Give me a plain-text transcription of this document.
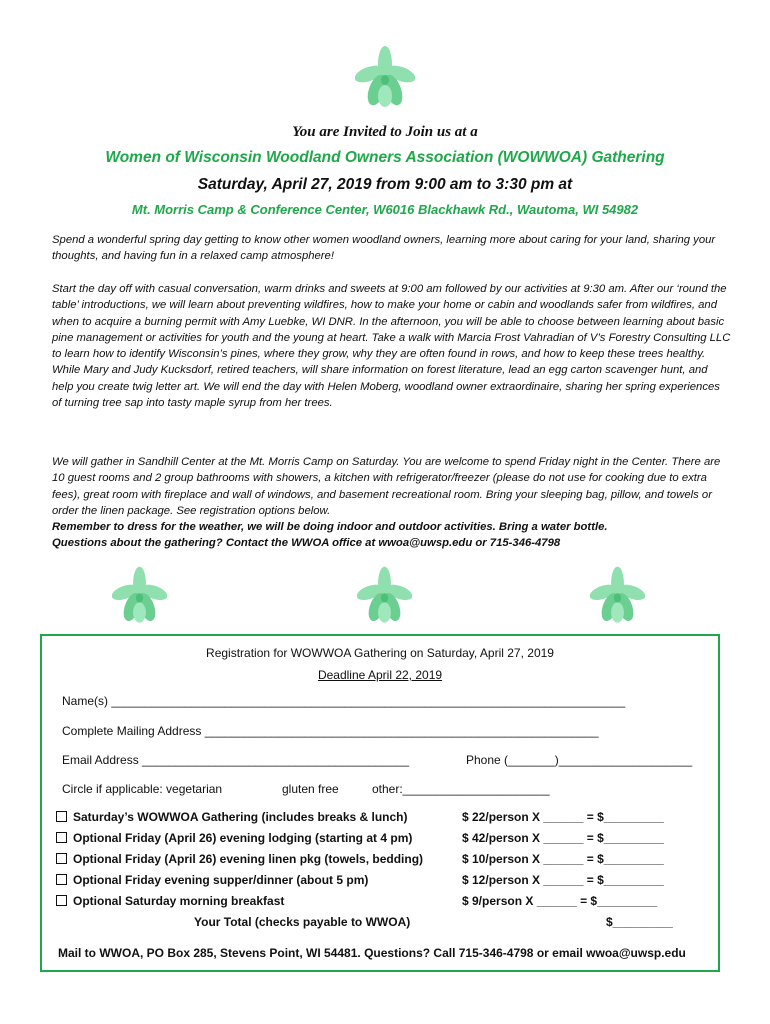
You are Invited to Join us at a
Women of Wisconsin Woodland Owners Association (WOWWOA) Gathering
Saturday, April 27, 2019 from 9:00 am to 3:30 pm at
Mt. Morris Camp & Conference Center, W6016 Blackhawk Rd., Wautoma, WI 54982
Spend a wonderful spring day getting to know other women woodland owners, learning more about caring for your land, sharing your thoughts, and having fun in a relaxed camp atmosphere!
Start the day off with casual conversation, warm drinks and sweets at 9:00 am followed by our activities at 9:30 am. After our ‘round the table’ introductions, we will learn about preventing wildfires, how to make your home or cabin and woodlands safer from wildfires, and when to acquire a burning permit with Amy Luebke, WI DNR. In the afternoon, you will be able to choose between learning about basic pine management or activities for youth and the young at heart. Take a walk with Marcia Frost Vahradian of V’s Forestry Consulting LLC to learn how to identify Wisconsin’s pines, where they grow, why they are often found in rows, and how to keep these trees healthy. While Mary and Judy Kucksdorf, retired teachers, will share information on forest literature, lead an egg carton scavenger hunt, and help you create twig letter art. We will end the day with Helen Moberg, woodland owner extraordinaire, sharing her spring experiences of turning tree sap into tasty maple syrup from her trees.
We will gather in Sandhill Center at the Mt. Morris Camp on Saturday. You are welcome to spend Friday night in the Center. There are 10 guest rooms and 2 group bathrooms with showers, a kitchen with refrigerator/freezer (please do not use for cooking due to extra fees), great room with fireplace and wall of windows, and basement recreational room. Bring your sleeping bag, pillow, and towels or order the linen package. See registration options below.
Remember to dress for the weather, we will be doing indoor and outdoor activities. Bring a water bottle.
Questions about the gathering? Contact the WWOA office at wwoa@uwsp.edu or 715-346-4798
Registration for WOWWOA Gathering on Saturday, April 27, 2019
Deadline April 22, 2019
Name(s) _____________________________________________________________________________
Complete Mailing Address ___________________________________________________________
Email Address ________________________________________	Phone (_______)____________________
Circle if applicable: vegetarian	gluten free	other:______________________
Saturday’s WOWWOA Gathering (includes breaks & lunch)	$ 22/person X ______ = $_________
Optional Friday (April 26) evening lodging (starting at 4 pm)	$ 42/person X ______ = $_________
Optional Friday (April 26) evening linen pkg (towels, bedding)	$ 10/person X ______ = $_________
Optional Friday evening supper/dinner (about 5 pm)	$ 12/person X ______ = $_________
Optional Saturday morning breakfast	$ 9/person X ______ = $_________
Your Total (checks payable to WWOA)	$_________
Mail to WWOA, PO Box 285, Stevens Point, WI 54481. Questions? Call 715-346-4798 or email wwoa@uwsp.edu
